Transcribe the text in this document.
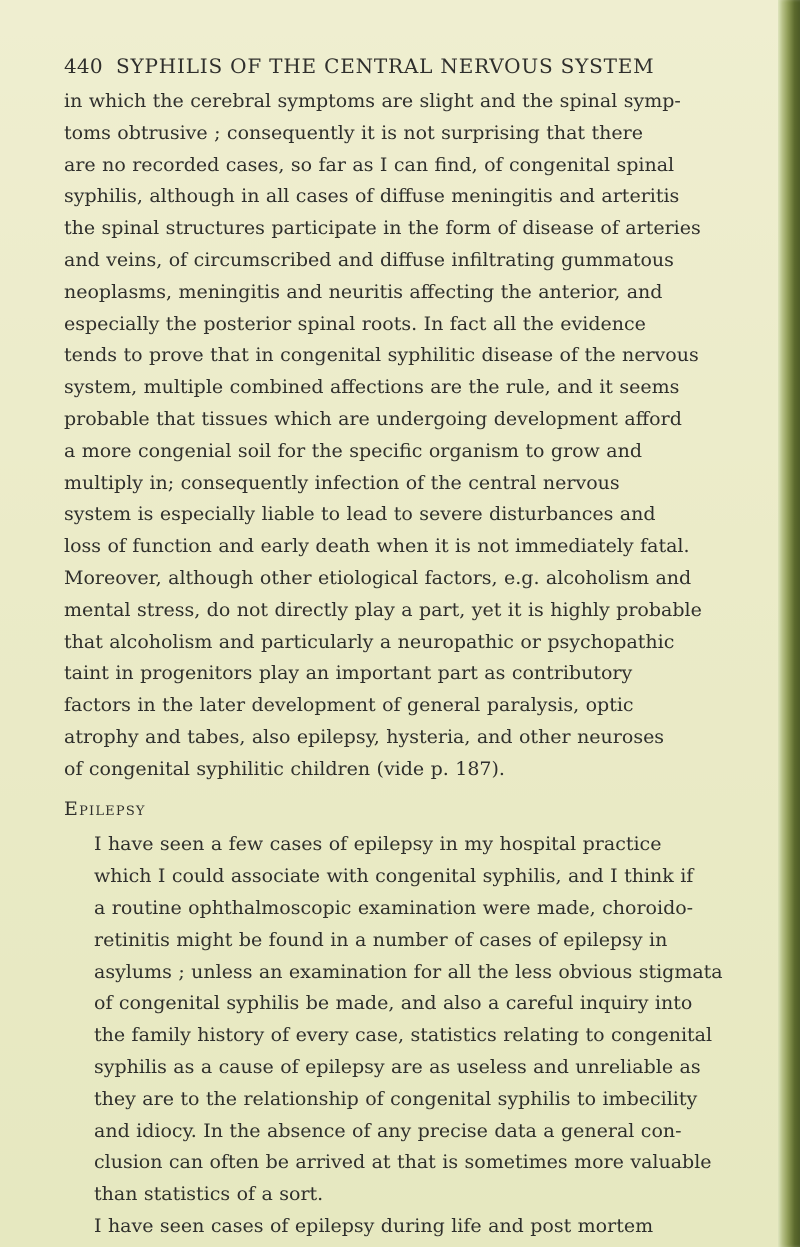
440 SYPHILIS OF THE CENTRAL NERVOUS SYSTEM

in which the cerebral symptoms are slight and the spinal symp-
toms obtrusive ; consequently it is not surprising that there
are no recorded cases, so far as I can find, of congenital spinal
syphilis, although in all cases of diffuse meningitis and arteritis
the spinal structures participate in the form of disease of arteries
and veins, of circumscribed and diffuse infiltrating gummatous
neoplasms, meningitis and neuritis affecting the anterior, and
especially the posterior spinal roots. In fact all the evidence
tends to prove that in congenital syphilitic disease of the nervous
system, multiple combined affections are the rule, and it seems
probable that tissues which are undergoing development afford
a more congenial soil for the specific organism to grow and
multiply in; consequently infection of the central nervous
system is especially liable to lead to severe disturbances and
loss of function and early death when it is not immediately fatal.
Moreover, although other etiological factors, e.g. alcoholism and
mental stress, do not directly play a part, yet it is highly probable
that alcoholism and particularly a neuropathic or psychopathic
taint in progenitors play an important part as contributory
factors in the later development of general paralysis, optic
atrophy and tabes, also epilepsy, hysteria, and other neuroses
of congenital syphilitic children (vide p. 187).

Epilepsy

I have seen a few cases of epilepsy in my hospital practice
which I could associate with congenital syphilis, and I think if
a routine ophthalmoscopic examination were made, choroido-
retinitis might be found in a number of cases of epilepsy in
asylums ; unless an examination for all the less obvious stigmata
of congenital syphilis be made, and also a careful inquiry into
the family history of every case, statistics relating to congenital
syphilis as a cause of epilepsy are as useless and unreliable as
they are to the relationship of congenital syphilis to imbecility
and idiocy. In the absence of any precise data a general con-
clusion can often be arrived at that is sometimes more valuable
than statistics of a sort.

I have seen cases of epilepsy during life and post mortem
